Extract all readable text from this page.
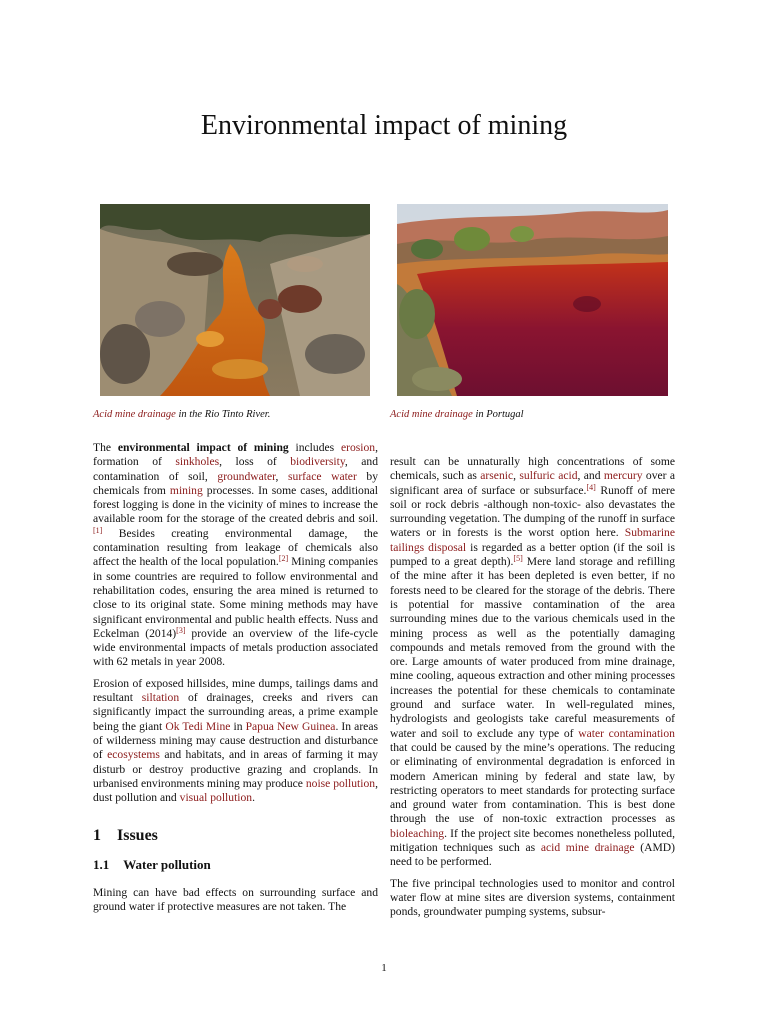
Environmental impact of mining
Acid mine drainage in the Rio Tinto River.	Acid mine drainage in Portugal

The environmental impact of mining includes erosion, formation of sinkholes, loss of biodiversity, and contamination of soil, groundwater, surface water by chemicals from mining processes. In some cases, additional forest logging is done in the vicinity of mines to increase the available room for the storage of the created debris and soil.[1] Besides creating environmental damage, the contamination resulting from leakage of chemicals also affect the health of the local population.[2] Mining companies in some countries are required to follow environmental and rehabilitation codes, ensuring the area mined is returned to close to its original state. Some mining methods may have significant environmental and public health effects. Nuss and Eckelman (2014)[3] provide an overview of the life-cycle wide environmental impacts of metals production associated with 62 metals in year 2008.

Erosion of exposed hillsides, mine dumps, tailings dams and resultant siltation of drainages, creeks and rivers can significantly impact the surrounding areas, a prime example being the giant Ok Tedi Mine in Papua New Guinea. In areas of wilderness mining may cause destruction and disturbance of ecosystems and habitats, and in areas of farming it may disturb or destroy productive grazing and croplands. In urbanised environments mining may produce noise pollution, dust pollution and visual pollution.

1 Issues
1.1 Water pollution

Mining can have bad effects on surrounding surface and ground water if protective measures are not taken. The

result can be unnaturally high concentrations of some chemicals, such as arsenic, sulfuric acid, and mercury over a significant area of surface or subsurface.[4] Runoff of mere soil or rock debris -although non-toxic- also devastates the surrounding vegetation. The dumping of the runoff in surface waters or in forests is the worst option here. Submarine tailings disposal is regarded as a better option (if the soil is pumped to a great depth).[5] Mere land storage and refilling of the mine after it has been depleted is even better, if no forests need to be cleared for the storage of the debris. There is potential for massive contamination of the area surrounding mines due to the various chemicals used in the mining process as well as the potentially damaging compounds and metals removed from the ground with the ore. Large amounts of water produced from mine drainage, mine cooling, aqueous extraction and other mining processes increases the potential for these chemicals to contaminate ground and surface water. In well-regulated mines, hydrologists and geologists take careful measurements of water and soil to exclude any type of water contamination that could be caused by the mine’s operations. The reducing or eliminating of environmental degradation is enforced in modern American mining by federal and state law, by restricting operators to meet standards for protecting surface and ground water from contamination. This is best done through the use of non-toxic extraction processes as bioleaching. If the project site becomes nonetheless polluted, mitigation techniques such as acid mine drainage (AMD) need to be performed.

The five principal technologies used to monitor and control water flow at mine sites are diversion systems, containment ponds, groundwater pumping systems, subsur-

1
